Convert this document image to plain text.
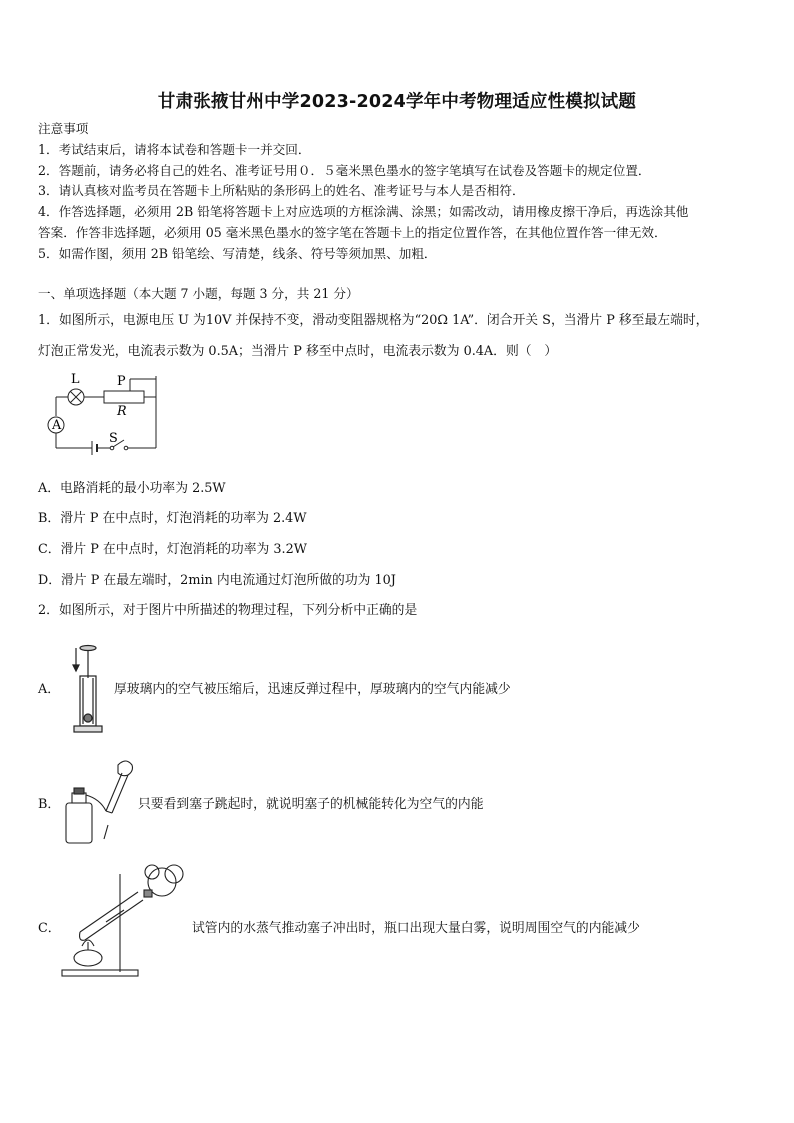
甘肃张掖甘州中学2023-2024学年中考物理适应性模拟试题
注意事项
1．考试结束后，请将本试卷和答题卡一并交回．
2．答题前，请务必将自己的姓名、准考证号用０．５毫米黑色墨水的签字笔填写在试卷及答题卡的规定位置．
3．请认真核对监考员在答题卡上所粘贴的条形码上的姓名、准考证号与本人是否相符．
4．作答选择题，必须用 2B 铅笔将答题卡上对应选项的方框涂满、涂黑；如需改动，请用橡皮擦干净后，再选涂其他
答案．作答非选择题，必须用 05 毫米黑色墨水的签字笔在答题卡上的指定位置作答，在其他位置作答一律无效．
5．如需作图，须用 2B 铅笔绘、写清楚，线条、符号等须加黑、加粗．
一、单项选择题（本大题 7 小题，每题 3 分，共 21 分）
1．如图所示，电源电压 U 为10V 并保持不变，滑动变阻器规格为“20Ω 1A”．闭合开关 S，当滑片 P 移至最左端时，
灯泡正常发光，电流表示数为 0.5A；当滑片 P 移至中点时，电流表示数为 0.4A．则（　）
L	P
R
A
S
A．电路消耗的最小功率为 2.5W
B．滑片 P 在中点时，灯泡消耗的功率为 2.4W
C．滑片 P 在中点时，灯泡消耗的功率为 3.2W
D．滑片 P 在最左端时，2min 内电流通过灯泡所做的功为 10J
2．如图所示，对于图片中所描述的物理过程，下列分析中正确的是
A．	厚玻璃内的空气被压缩后，迅速反弹过程中，厚玻璃内的空气内能减少
B．	只要看到塞子跳起时，就说明塞子的机械能转化为空气的内能
C．	试管内的水蒸气推动塞子冲出时，瓶口出现大量白雾，说明周围空气的内能减少
